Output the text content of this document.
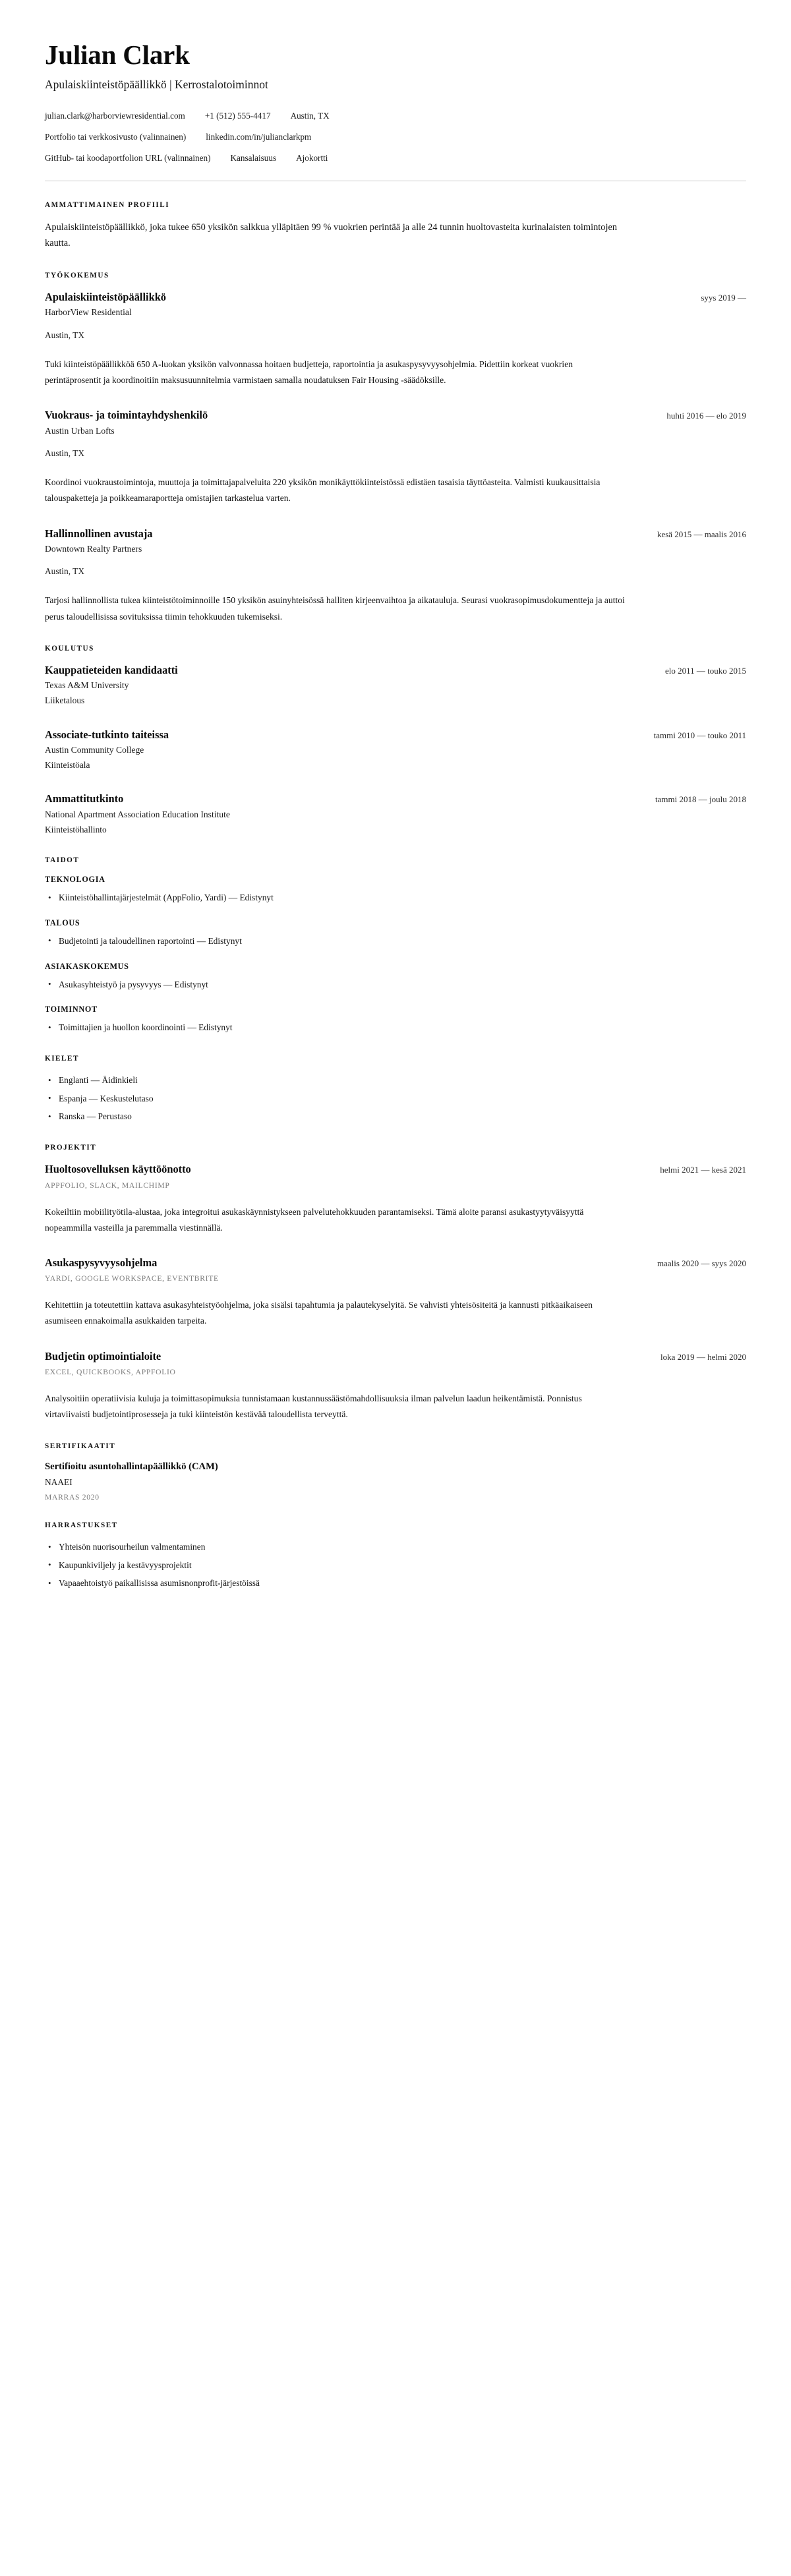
Julian Clark
Apulaiskiinteistöpäällikkö | Kerrostalotoiminnot
julian.clark@harborviewresidential.com +1 (512) 555-4417 Austin, TX
Portfolio tai verkkosivusto (valinnainen) linkedin.com/in/julianclarkpm
GitHub- tai koodaportfolion URL (valinnainen) Kansalaisuus Ajokortti
AMMATTIMAINEN PROFIILI

Apulaiskiinteistöpäällikkö, joka tukee 650 yksikön salkkua ylläpitäen 99 % vuokrien perintää ja alle 24 tunnin huoltovasteita kurinalaisten toimintojen kautta.

TYÖKOKEMUS
Apulaiskiinteistöpäällikkö	syys 2019 —

HarborView Residential

Austin, TX

Tuki kiinteistöpäällikköä 650 A-luokan yksikön valvonnassa hoitaen budjetteja, raportointia ja asukaspysyvyysohjelmia. Pidettiin korkeat vuokrien perintäprosentit ja koordinoitiin maksusuunnitelmia varmistaen samalla noudatuksen Fair Housing -säädöksille.

Vuokraus- ja toimintayhdyshenkilö	huhti 2016 — elo 2019

Austin Urban Lofts

Austin, TX

Koordinoi vuokraustoimintoja, muuttoja ja toimittajapalveluita 220 yksikön monikäyttökiinteistössä edistäen tasaisia täyttöasteita. Valmisti kuukausittaisia talouspaketteja ja poikkeamaraportteja omistajien tarkastelua varten.

Hallinnollinen avustaja	kesä 2015 — maalis 2016

Downtown Realty Partners

Austin, TX

Tarjosi hallinnollista tukea kiinteistötoiminnoille 150 yksikön asuinyhteisössä halliten kirjeenvaihtoa ja aikatauluja. Seurasi vuokrasopimusdokumentteja ja auttoi perus taloudellisissa sovituksissa tiimin tehokkuuden tukemiseksi.

KOULUTUS
Kauppatieteiden kandidaatti	elo 2011 — touko 2015

Texas A&M University

Liiketalous

Associate-tutkinto taiteissa	tammi 2010 — touko 2011

Austin Community College

Kiinteistöala

Ammattitutkinto	tammi 2018 — joulu 2018

National Apartment Association Education Institute

Kiinteistöhallinto

TAIDOT
TEKNOLOGIA
• Kiinteistöhallintajärjestelmät (AppFolio, Yardi) — Edistynyt
TALOUS
• Budjetointi ja taloudellinen raportointi — Edistynyt
ASIAKASKOKEMUS
• Asukasyhteistyö ja pysyvyys — Edistynyt
TOIMINNOT
• Toimittajien ja huollon koordinointi — Edistynyt
KIELET
• Englanti — Äidinkieli
• Espanja — Keskustelutaso
• Ranska — Perustaso
PROJEKTIT
Huoltosovelluksen käyttöönotto	helmi 2021 — kesä 2021

APPFOLIO, SLACK, MAILCHIMP

Kokeiltiin mobiilityötila-alustaa, joka integroitui asukaskäynnistykseen palvelutehokkuuden parantamiseksi. Tämä aloite paransi asukastyytyväisyyttä nopeammilla vasteilla ja paremmalla viestinnällä.

Asukaspysyvyysohjelma	maalis 2020 — syys 2020

YARDI, GOOGLE WORKSPACE, EVENTBRITE

Kehitettiin ja toteutettiin kattava asukasyhteistyöohjelma, joka sisälsi tapahtumia ja palautekyselyitä. Se vahvisti yhteisösiteitä ja kannusti pitkäaikaiseen asumiseen ennakoimalla asukkaiden tarpeita.

Budjetin optimointialoite	loka 2019 — helmi 2020

EXCEL, QUICKBOOKS, APPFOLIO

Analysoitiin operatiivisia kuluja ja toimittasopimuksia tunnistamaan kustannussäästömahdollisuuksia ilman palvelun laadun heikentämistä. Ponnistus virtaviivaisti budjetointiprosesseja ja tuki kiinteistön kestävää taloudellista terveyttä.

SERTIFIKAATIT
Sertifioitu asuntohallintapäällikkö (CAM)

NAAEI

MARRAS 2020

HARRASTUKSET
• Yhteisön nuorisourheilun valmentaminen
• Kaupunkiviljely ja kestävyysprojektit
• Vapaaehtoistyö paikallisissa asumisnonprofit-järjestöissä
